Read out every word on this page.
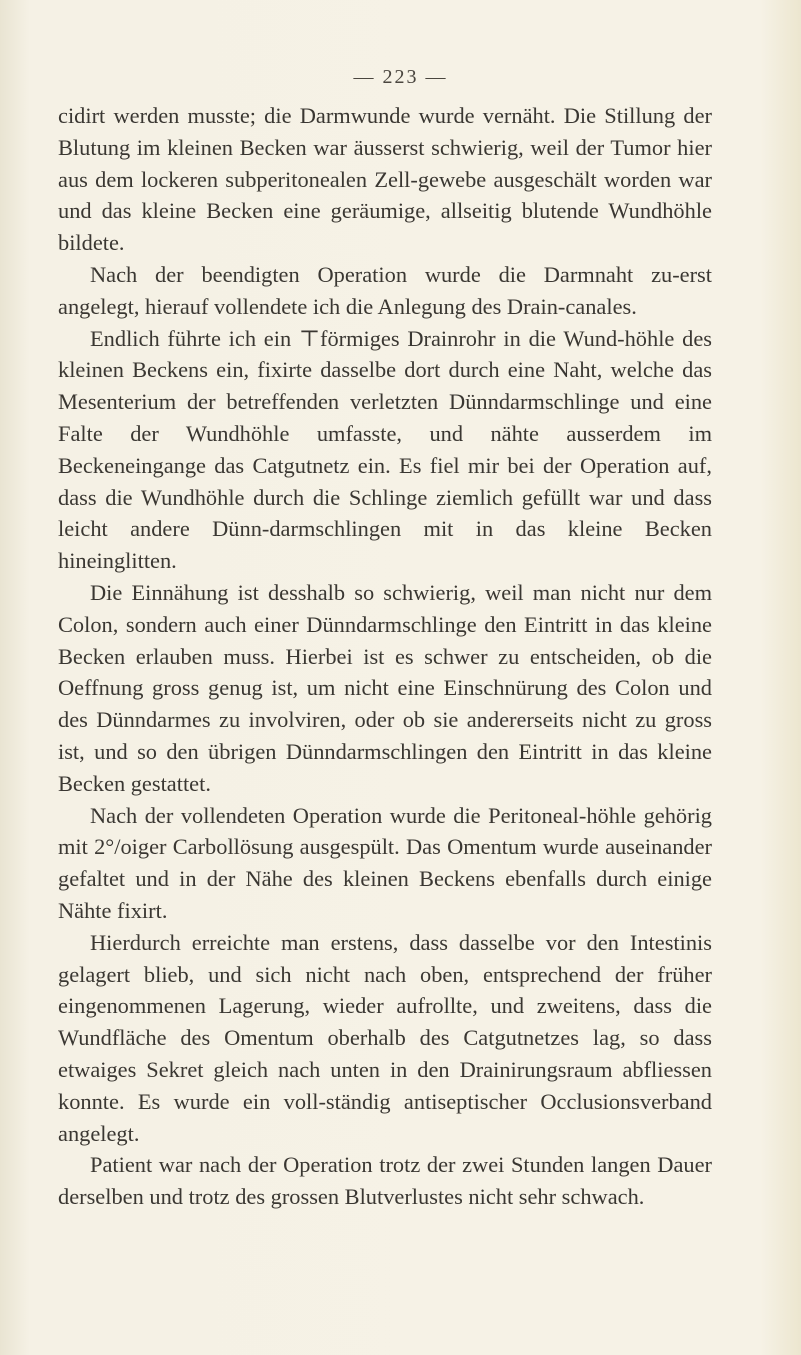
— 223 —

cidirt werden musste; die Darmwunde wurde vernäht. Die Stillung der Blutung im kleinen Becken war äusserst schwierig, weil der Tumor hier aus dem lockeren subperitonealen Zell-gewebe ausgeschält worden war und das kleine Becken eine geräumige, allseitig blutende Wundhöhle bildete.

Nach der beendigten Operation wurde die Darmnaht zu-erst angelegt, hierauf vollendete ich die Anlegung des Drain-canales.

Endlich führte ich ein ⊤förmiges Drainrohr in die Wund-höhle des kleinen Beckens ein, fixirte dasselbe dort durch eine Naht, welche das Mesenterium der betreffenden verletzten Dünndarmschlinge und eine Falte der Wundhöhle umfasste, und nähte ausserdem im Beckeneingange das Catgutnetz ein. Es fiel mir bei der Operation auf, dass die Wundhöhle durch die Schlinge ziemlich gefüllt war und dass leicht andere Dünn-darmschlingen mit in das kleine Becken hineinglitten.

Die Einnähung ist desshalb so schwierig, weil man nicht nur dem Colon, sondern auch einer Dünndarmschlinge den Eintritt in das kleine Becken erlauben muss. Hierbei ist es schwer zu entscheiden, ob die Oeffnung gross genug ist, um nicht eine Einschnürung des Colon und des Dünndarmes zu involviren, oder ob sie andererseits nicht zu gross ist, und so den übrigen Dünndarmschlingen den Eintritt in das kleine Becken gestattet.

Nach der vollendeten Operation wurde die Peritoneal-höhle gehörig mit 2°/oiger Carbollösung ausgespült. Das Omentum wurde auseinander gefaltet und in der Nähe des kleinen Beckens ebenfalls durch einige Nähte fixirt.

Hierdurch erreichte man erstens, dass dasselbe vor den Intestinis gelagert blieb, und sich nicht nach oben, entsprechend der früher eingenommenen Lagerung, wieder aufrollte, und zweitens, dass die Wundfläche des Omentum oberhalb des Catgutnetzes lag, so dass etwaiges Sekret gleich nach unten in den Drainirungsraum abfliessen konnte. Es wurde ein voll-ständig antiseptischer Occlusionsverband angelegt.

Patient war nach der Operation trotz der zwei Stunden langen Dauer derselben und trotz des grossen Blutverlustes nicht sehr schwach.
